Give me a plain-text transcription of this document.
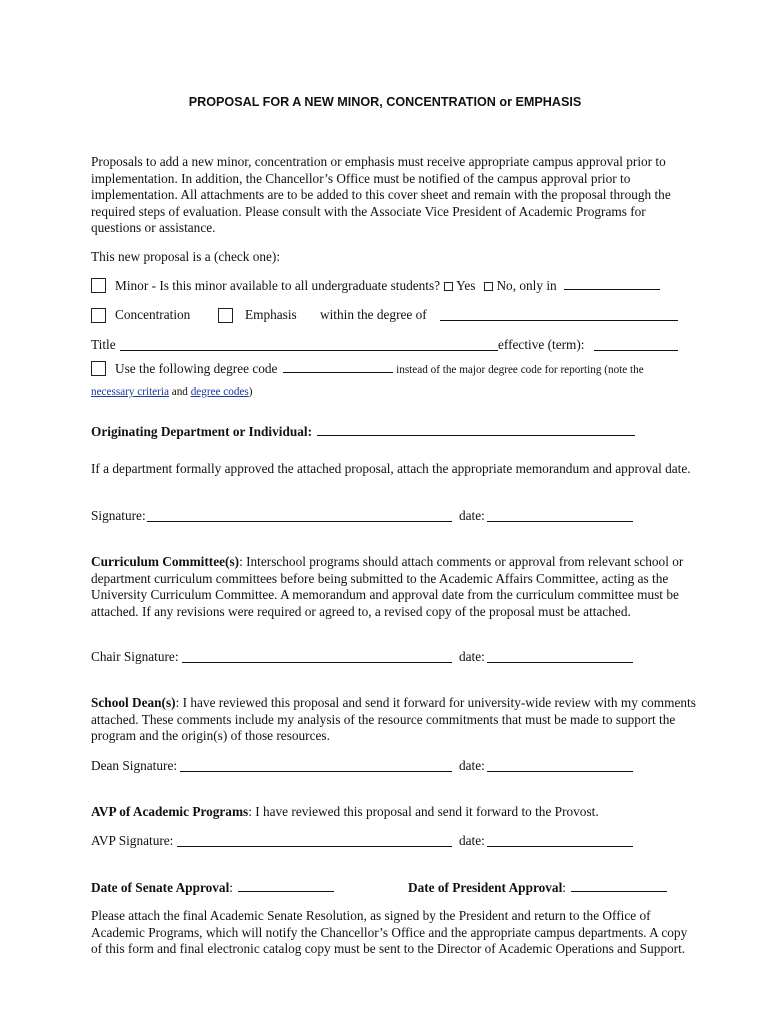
PROPOSAL FOR A NEW MINOR, CONCENTRATION or EMPHASIS
Proposals to add a new minor, concentration or emphasis must receive appropriate campus approval prior to implementation. In addition, the Chancellor’s Office must be notified of the campus approval prior to implementation. All attachments are to be added to this cover sheet and remain with the proposal through the required steps of evaluation. Please consult with the Associate Vice President of Academic Programs for questions or assistance.
This new proposal is a (check one):
Minor - Is this minor available to all undergraduate students? Yes No, only in
Concentration	Emphasis within the degree of
Title	effective (term):
Use the following degree code	instead of the major degree code for reporting (note the
necessary criteria and degree codes)
Originating Department or Individual:
If a department formally approved the attached proposal, attach the appropriate memorandum and approval date.
Signature:	date:
Curriculum Committee(s): Interschool programs should attach comments or approval from relevant school or department curriculum committees before being submitted to the Academic Affairs Committee, acting as the University Curriculum Committee. A memorandum and approval date from the curriculum committee must be attached. If any revisions were required or agreed to, a revised copy of the proposal must be attached.
Chair Signature:	date:
School Dean(s): I have reviewed this proposal and send it forward for university-wide review with my comments attached. These comments include my analysis of the resource commitments that must be made to support the program and the origin(s) of those resources.
Dean Signature:	date:
AVP of Academic Programs: I have reviewed this proposal and send it forward to the Provost.
AVP Signature:	date:
Date of Senate Approval:	Date of President Approval:
Please attach the final Academic Senate Resolution, as signed by the President and return to the Office of Academic Programs, which will notify the Chancellor’s Office and the appropriate campus departments. A copy of this form and final electronic catalog copy must be sent to the Director of Academic Operations and Support.
